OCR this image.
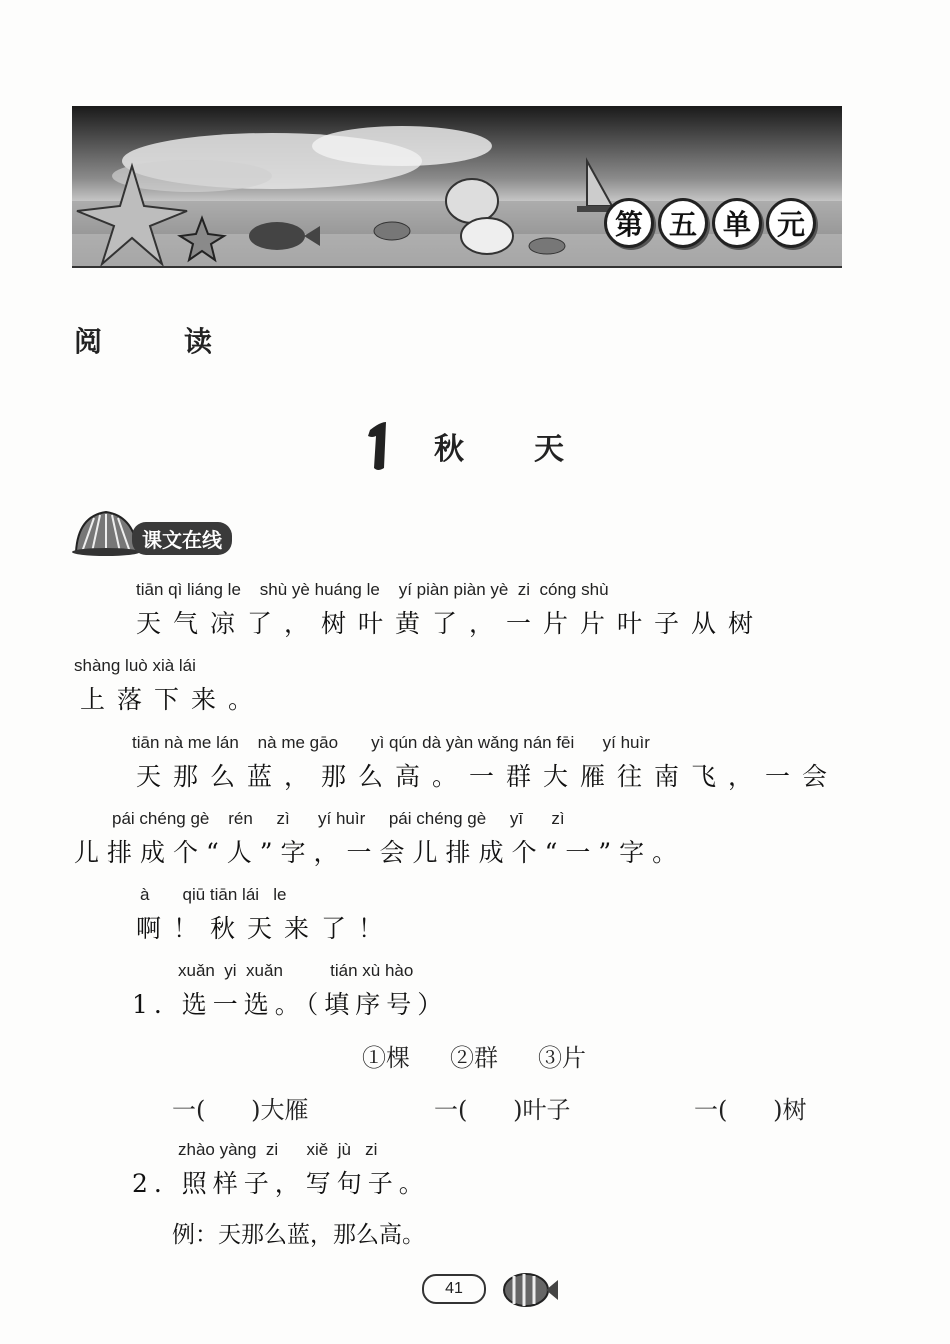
第 五 单 元
阅	读
秋 天
课文在线
tiān qì liáng le    shù yè huáng le    yí piàn piàn yè  zi  cóng shù
天气凉了，树叶黄了，一片片叶子从树
shàng luò xià lái
上落下来。
tiān nà me lán    nà me gāo       yì qún dà yàn wǎng nán fēi      yí huìr
天那么蓝，那么高。一群大雁往南飞，一会
pái chéng gè    rén     zì      yí huìr     pái chéng gè     yī      zì
儿排成个“人”字，一会儿排成个“一”字。
à       qiū tiān lái   le
啊！秋天来了！
xuǎn  yi  xuǎn          tián xù hào
1. 选一选。（填序号）
①棵 ②群 ③片
一(      )大雁	一(      )叶子	一(      )树
zhào yàng  zi      xiě  jù   zi
2. 照样子，写句子。
例：天那么蓝，那么高。
41
